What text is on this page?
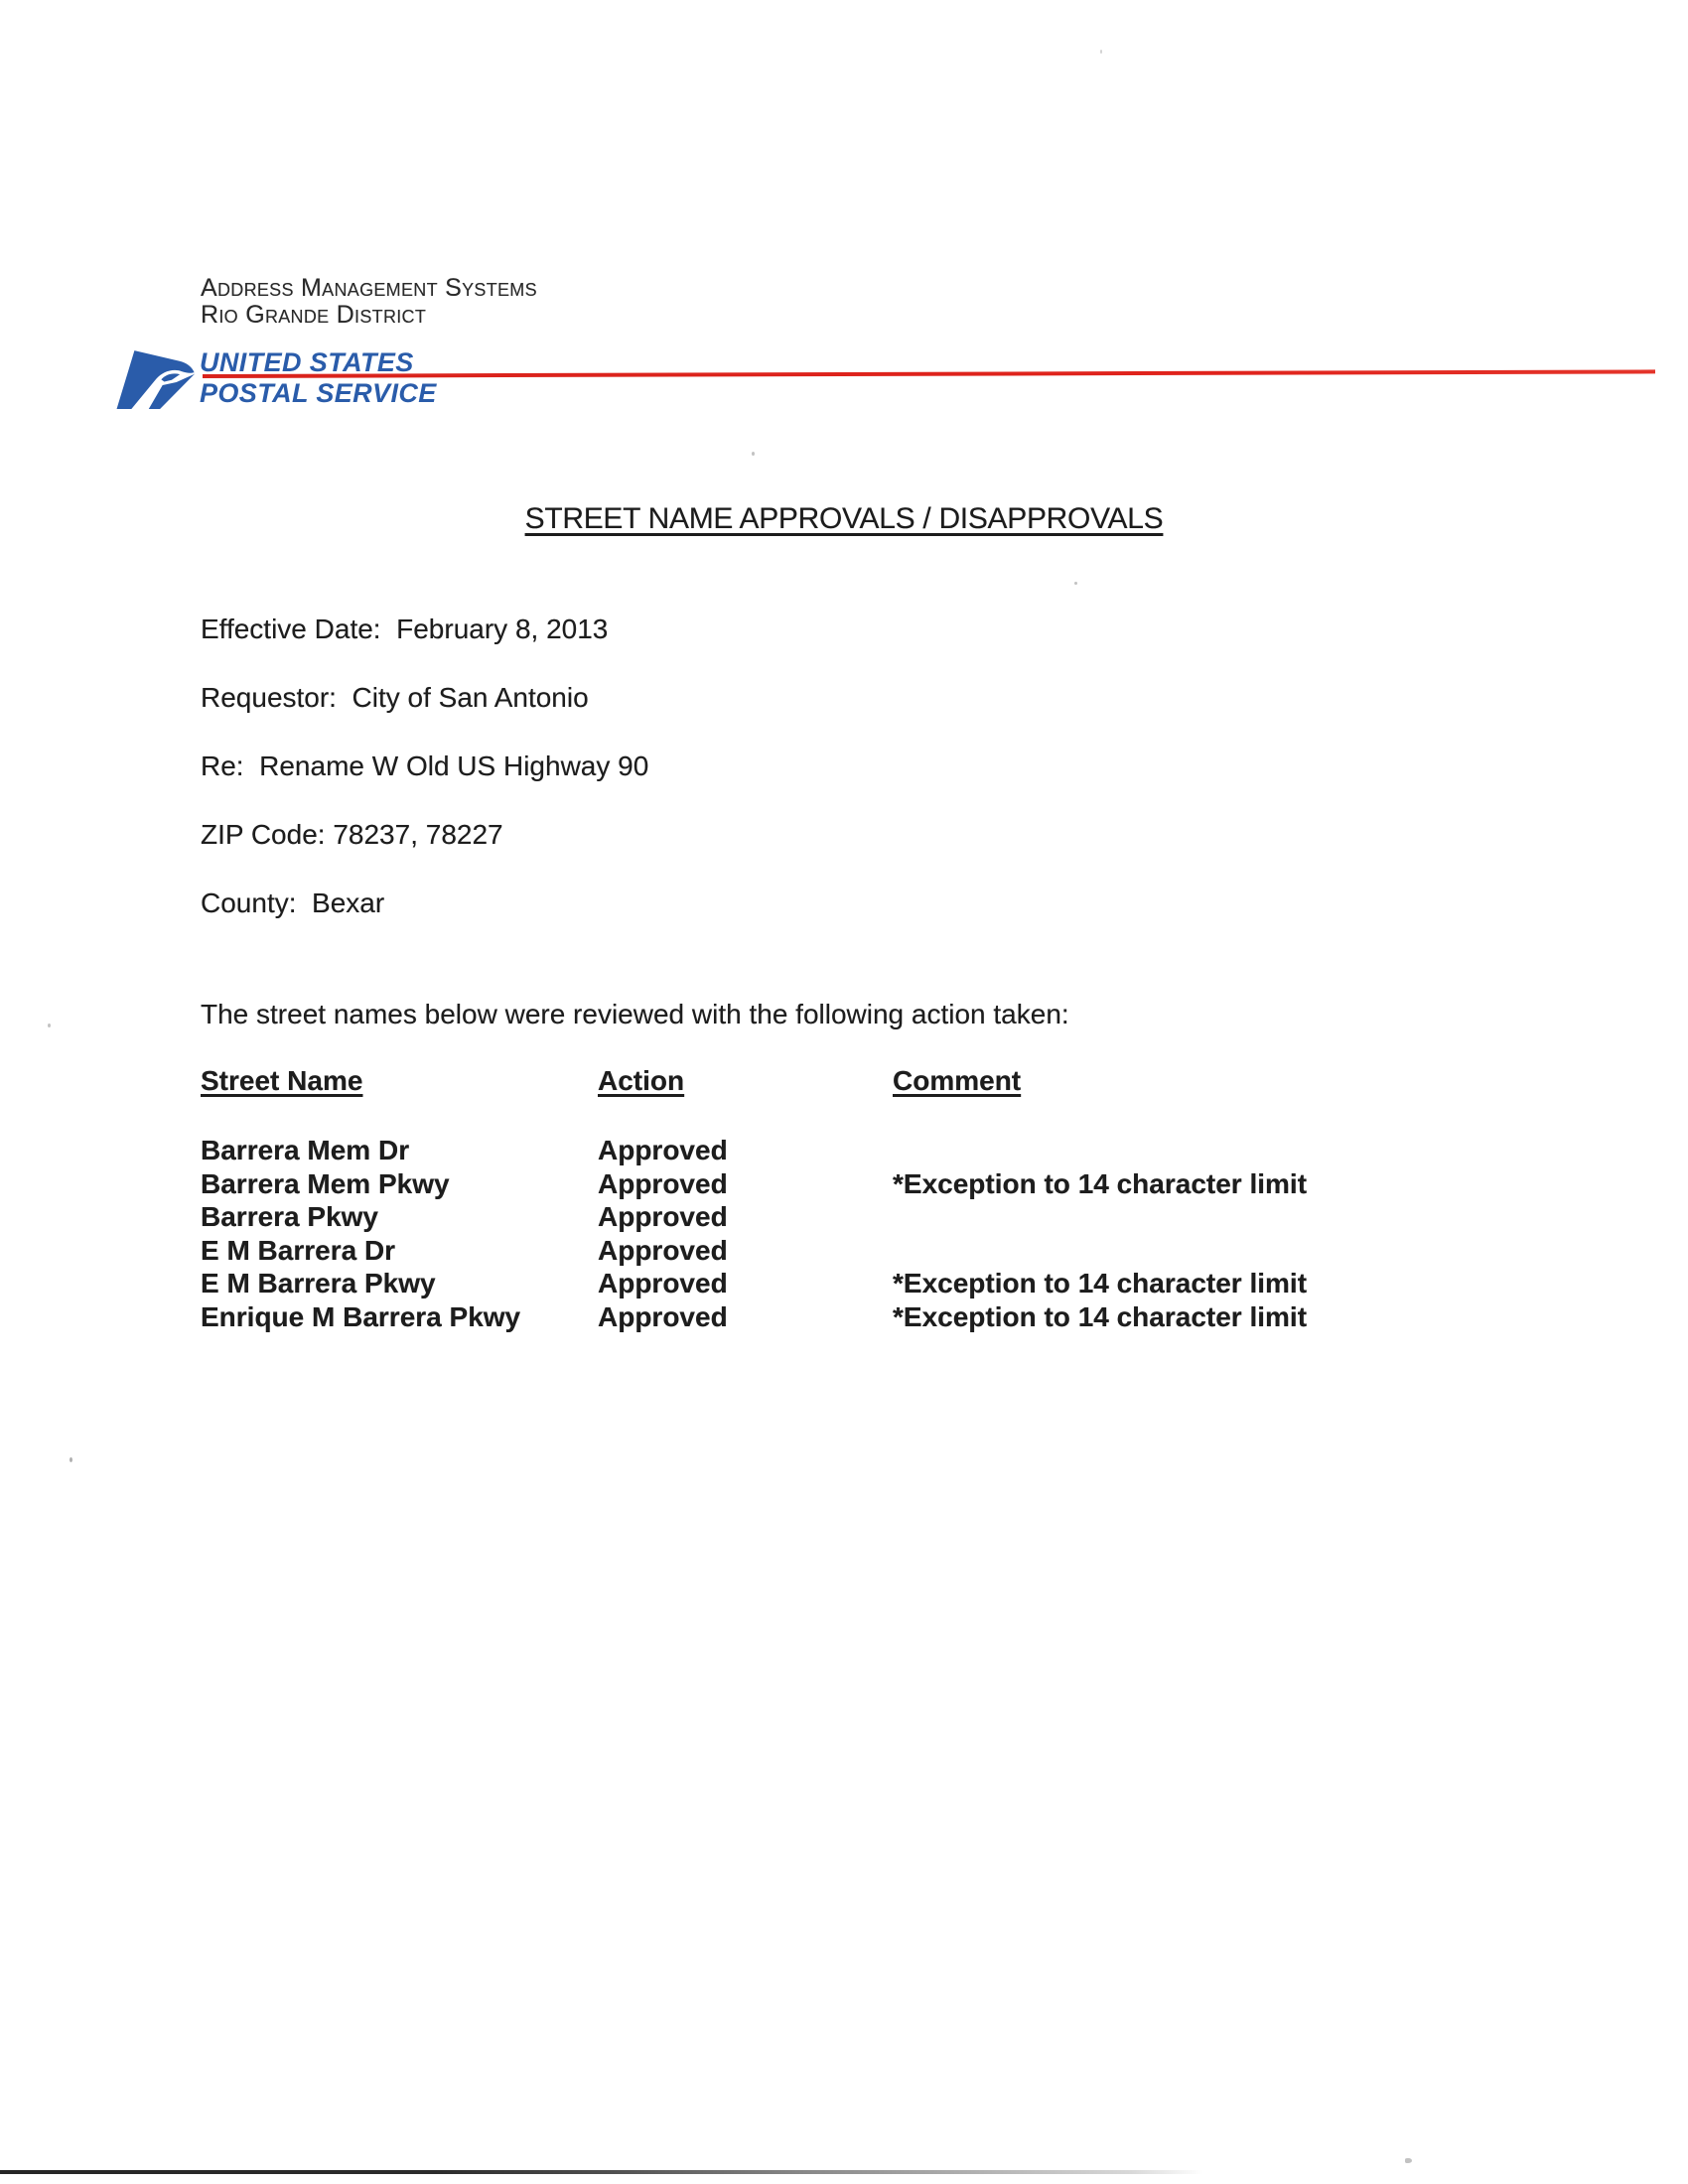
Address Management Systems
Rio Grande District
UNITED STATES
POSTAL SERVICE
STREET NAME APPROVALS / DISAPPROVALS

Effective Date:  February 8, 2013

Requestor:  City of San Antonio

Re:  Rename W Old US Highway 90

ZIP Code: 78237, 78227

County:  Bexar

The street names below were reviewed with the following action taken:
Street Name	Action	Comment
Barrera Mem Dr	Approved
Barrera Mem Pkwy	Approved	*Exception to 14 character limit
Barrera Pkwy	Approved
E M Barrera Dr	Approved
E M Barrera Pkwy	Approved	*Exception to 14 character limit
Enrique M Barrera Pkwy	Approved	*Exception to 14 character limit
